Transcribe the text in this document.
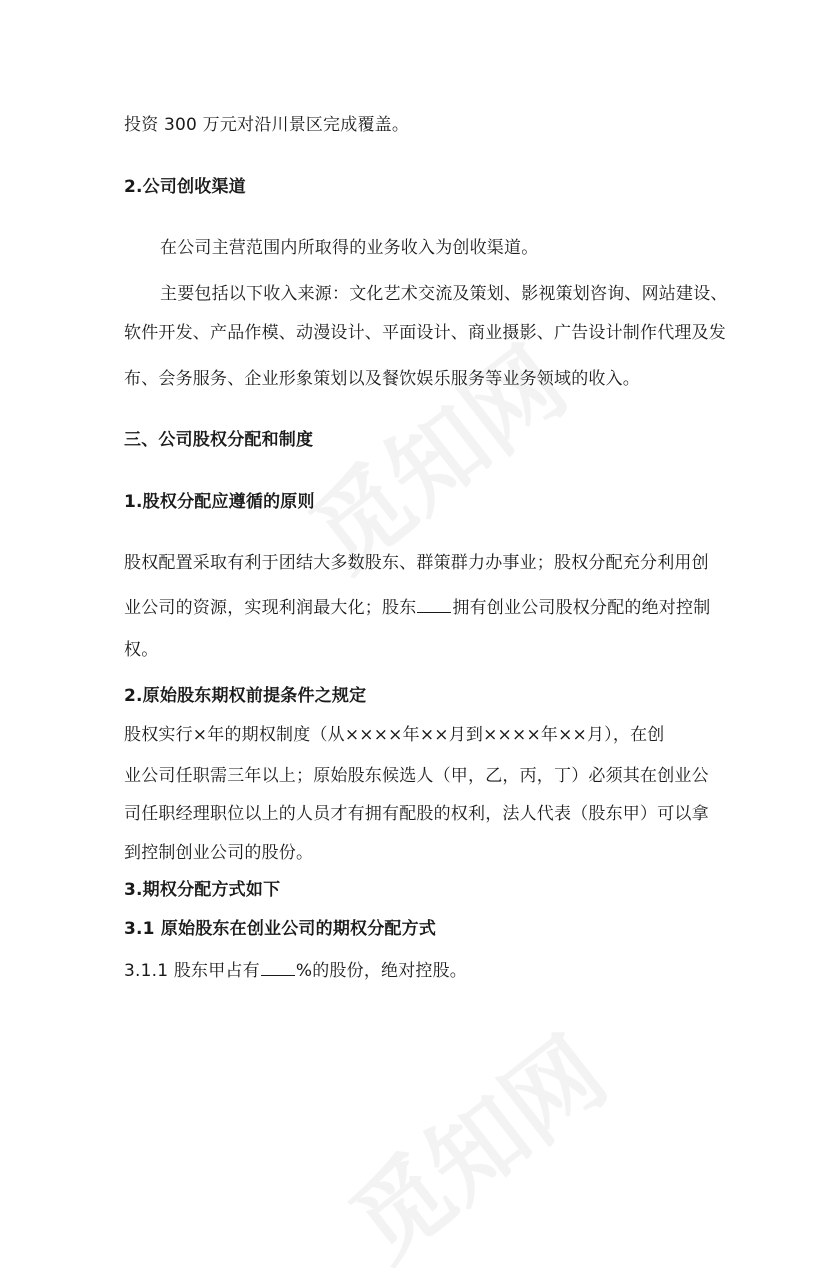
投资 300 万元对沿川景区完成覆盖。
2.公司创收渠道
在公司主营范围内所取得的业务收入为创收渠道。
主要包括以下收入来源：文化艺术交流及策划、影视策划咨询、网站建设、
软件开发、产品作模、动漫设计、平面设计、商业摄影、广告设计制作代理及发
布、会务服务、企业形象策划以及餐饮娱乐服务等业务领域的收入。
三、公司股权分配和制度
1.股权分配应遵循的原则
股权配置采取有利于团结大多数股东、群策群力办事业；股权分配充分利用创
业公司的资源，实现利润最大化；股东 拥有创业公司股权分配的绝对控制
权。
2.原始股东期权前提条件之规定
股权实行×年的期权制度（从××××年××月到××××年××月），在创
业公司任职需三年以上；原始股东候选人（甲，乙，丙，丁）必须其在创业公
司任职经理职位以上的人员才有拥有配股的权利，法人代表（股东甲）可以拿
到控制创业公司的股份。
3.期权分配方式如下
3.1 原始股东在创业公司的期权分配方式
3.1.1 股东甲占有 %的股份，绝对控股。
